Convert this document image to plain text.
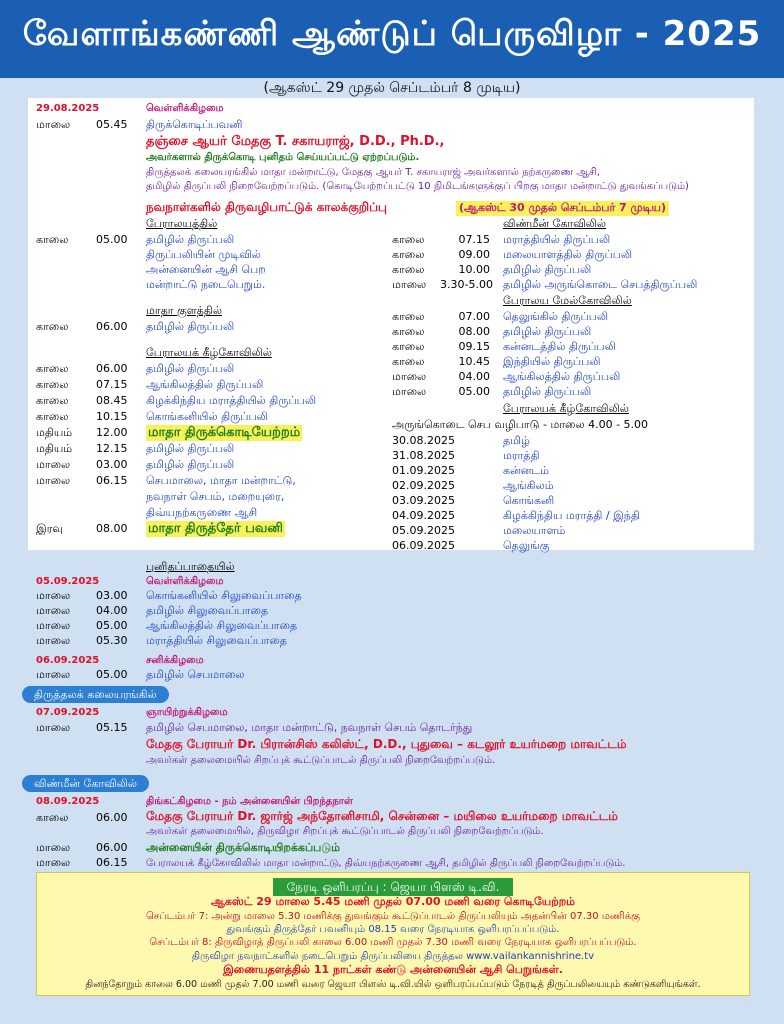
வேளாங்கண்ணி ஆண்டுப் பெருவிழா - 2025
(ஆகஸ்ட் 29 முதல் செப்டம்பர் 8 முடிய)
29.08.2025	வெள்ளிக்கிழமை
மாலை 05.45 திருக்கொடிப்பவனி
தஞ்சை ஆயர் மேதகு T. சகாயராஜ், D.D., Ph.D.,
அவர்களால் திருக்கொடி புனிதம் செய்யப்பட்டு ஏற்றப்படும்.
திருத்தலக் கலையரங்கில் மாதா மன்றாட்டு, மேதகு ஆயர் T. சகாயராஜ் அவர்களால் நற்கருணை ஆசி,
தமிழில் திருப்பலி நிறைவேற்றப்படும். (கொடியேற்றப்பட்டு 10 நிமிடங்களுக்குப் பிறகு மாதா மன்றாட்டு துவங்கப்படும்)
நவநாள்களில் திருவழிபாட்டுக் காலக்குறிப்பு	(ஆகஸ்ட் 30 முதல் செப்டம்பர் 7 முடிய)
பேராலயத்தில்
காலை	05.00 தமிழில் திருப்பலி
திருப்பலியின் முடிவில்
அன்னையின் ஆசி பெற
மன்றாட்டு நடைபெறும்.
மாதா குளத்தில்
காலை	06.00 தமிழில் திருப்பலி
பேராலயக் கீழ்கோவிலில்
காலை	06.00 தமிழில் திருப்பலி
காலை	07.15 ஆங்கிலத்தில் திருப்பலி
காலை	08.45 கிழக்கிந்திய மராத்தியில் திருப்பலி
காலை	10.15 கொங்கனியில் திருப்பலி
மதியம் 12.00 மாதா திருக்கொடியேற்றம்
மதியம் 12.15 தமிழில் திருப்பலி
மாலை 03.00 தமிழில் திருப்பலி
மாலை 06.15 செபமாலை, மாதா மன்றாட்டு,
நவநாள் செபம், மறையுரை,
திவ்யநற்கருணை ஆசி
இரவு	08.00 மாதா திருத்தேர் பவனி
விண்மீன் கோவிலில்
காலை	07.15 மராத்தியில் திருப்பலி
காலை	09.00 மலையாளத்தில் திருப்பலி
காலை	10.00 தமிழில் திருப்பலி
மாலை 3.30-5.00 தமிழில் அருங்கொடை செபத்திருப்பலி
பேராலய மேல்கோவிலில்
காலை	07.00 தெலுங்கில் திருப்பலி
காலை	08.00 தமிழில் திருப்பலி
காலை	09.15 கன்னடத்தில் திருப்பலி
காலை	10.45 இந்தியில் திருப்பலி
மாலை	04.00 ஆங்கிலத்தில் திருப்பலி
மாலை	05.00 தமிழில் திருப்பலி
பேராலயக் கீழ்கோவிலில்
அருங்கொடை செப வழிபாடு - மாலை 4.00 - 5.00
30.08.2025	தமிழ்
31.08.2025	மராத்தி
01.09.2025	கன்னடம்
02.09.2025	ஆங்கிலம்
03.09.2025	கொங்கனி
04.09.2025	கிழக்கிந்திய மராத்தி / இந்தி
05.09.2025	மலையாளம்
06.09.2025	தெலுங்கு
புனிதப்பாதையில்
05.09.2025	வெள்ளிக்கிழமை
மாலை 03.00 கொங்கனியில் சிலுவைப்பாதை
மாலை 04.00 தமிழில் சிலுவைப்பாதை
மாலை 05.00 ஆங்கிலத்தில் சிலுவைப்பாதை
மாலை 05.30 மராத்தியில் சிலுவைப்பாதை
06.09.2025	சனிக்கிழமை
மாலை 05.00 தமிழில் செபமாலை
திருத்தலக் கலையரங்கில்
07.09.2025	ஞாயிற்றுக்கிழமை
மாலை 05.15 தமிழில் செபமாலை, மாதா மன்றாட்டு, நவநாள் செபம் தொடர்ந்து
மேதகு பேராயர் Dr. பிரான்சிஸ் கலிஸ்ட், D.D., புதுவை – கடலூர் உயர்மறை மாவட்டம்
அவர்கள் தலைமையில் சிறப்புக் கூட்டுப்பாடல் திருப்பலி நிறைவேற்றப்படும்.
விண்மீன் கோவிலில்
08.09.2025	திங்கட்கிழமை - நம் அன்னையின் பிறந்தநாள்
காலை	06.00 மேதகு பேராயர் Dr. ஜார்ஜ் அந்தோனிசாமி, சென்னை – மயிலை உயர்மறை மாவட்டம்
அவர்கள் தலைமையில், திருவிழா சிறப்புக் கூட்டுப்பாடல் திருப்பலி நிறைவேற்றப்படும்.
மாலை 06.00 அன்னையின் திருக்கொடியிறக்கப்படும்
மாலை 06.15 பேராலயக் கீழ்கோவிலில் மாதா மன்றாட்டு, திவ்யநற்கருணை ஆசி, தமிழில் திருப்பலி நிறைவேற்றப்படும்.
நேரடி ஒளிபரப்பு : ஜெயா பிளஸ் டி.வி.
ஆகஸ்ட் 29 மாலை 5.45 மணி முதல் 07.00 மணி வரை கொடியேற்றம்
செப்டம்பர் 7: அன்று மாலை 5.30 மணிக்கு துவங்கும் கூட்டுப்பாடல் திருப்பலியும் அதன்பின் 07.30 மணிக்கு
துவங்கும் திருத்தேர் பவனியும் 08.15 வரை நேரடியாக ஒளிபரப்பப்படும்.
செப்டம்பர் 8: திருவிழாத் திருப்பலி காலை 6.00 மணி முதல் 7.30 மணி வரை நேரடியாக ஒளிபரப்பப்படும்.
திருவிழா நவநாட்களில் நடைபெறும் திருப்பலியை திருத்தல www.vailankannishrine.tv
இணையதளத்தில் 11 நாட்கள் கண்டு அன்னையின் ஆசி பெறுங்கள்.
தினந்தோறும் காலை 6.00 மணி முதல் 7.00 மணி வரை ஜெயா பிளஸ் டி.வி.யில் ஒளிபரப்பப்படும் நேரடித் திருப்பலியையும் கண்டுகளியுங்கள்.
